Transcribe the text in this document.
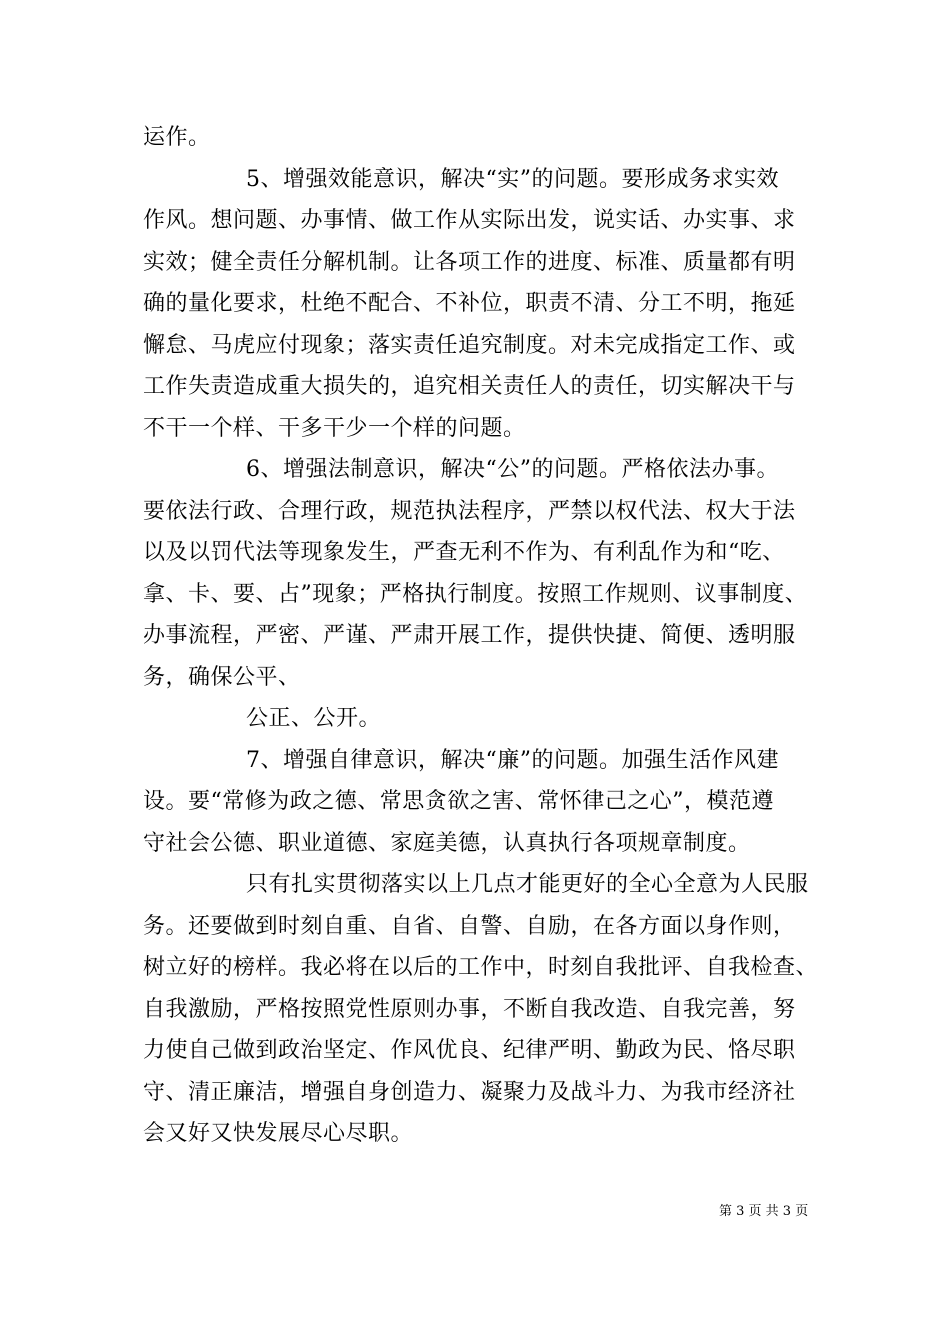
运作。
5、增强效能意识，解决“实”的问题。要形成务求实效
作风。想问题、办事情、做工作从实际出发，说实话、办实事、求
实效；健全责任分解机制。让各项工作的进度、标准、质量都有明
确的量化要求，杜绝不配合、不补位，职责不清、分工不明，拖延
懈怠、马虎应付现象；落实责任追究制度。对未完成指定工作、或
工作失责造成重大损失的，追究相关责任人的责任，切实解决干与
不干一个样、干多干少一个样的问题。
6、增强法制意识，解决“公”的问题。严格依法办事。
要依法行政、合理行政，规范执法程序，严禁以权代法、权大于法
以及以罚代法等现象发生，严查无利不作为、有利乱作为和“吃、
拿、卡、要、占”现象；严格执行制度。按照工作规则、议事制度、
办事流程，严密、严谨、严肃开展工作，提供快捷、简便、透明服
务，确保公平、
公正、公开。
7、增强自律意识，解决“廉”的问题。加强生活作风建
设。要“常修为政之德、常思贪欲之害、常怀律己之心”，模范遵
守社会公德、职业道德、家庭美德，认真执行各项规章制度。
只有扎实贯彻落实以上几点才能更好的全心全意为人民服
务。还要做到时刻自重、自省、自警、自励，在各方面以身作则，
树立好的榜样。我必将在以后的工作中，时刻自我批评、自我检查、
自我激励，严格按照党性原则办事，不断自我改造、自我完善，努
力使自己做到政治坚定、作风优良、纪律严明、勤政为民、恪尽职
守、清正廉洁，增强自身创造力、凝聚力及战斗力、为我市经济社
会又好又快发展尽心尽职。
第 3 页 共 3 页
